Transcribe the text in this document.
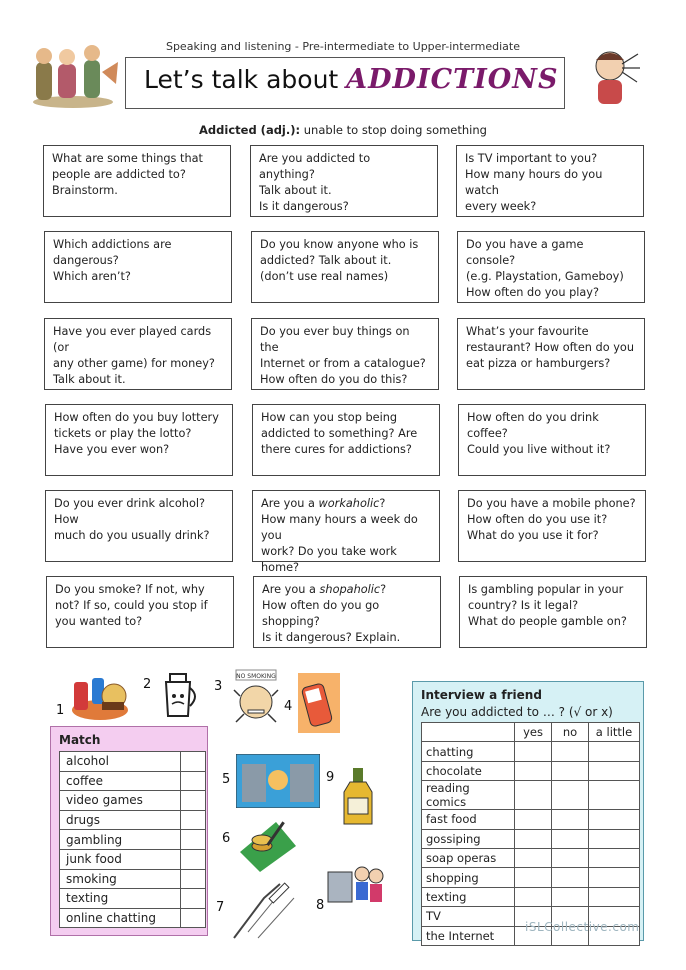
Speaking and listening - Pre-intermediate to Upper-intermediate
Let’s talk about ADDICTIONS
Addicted (adj.): unable to stop doing something
What are some things that
people are addicted to?
Brainstorm.
Are you addicted to anything?
Talk about it.
Is it dangerous?
Is TV important to you?
How many hours do you watch
every week?
Which addictions are
dangerous?
Which aren’t?
Do you know anyone who is
addicted? Talk about it.
(don’t use real names)
Do you have a game console?
(e.g. Playstation, Gameboy)
How often do you play?
Have you ever played cards (or
any other game) for money?
Talk about it.
Do you ever buy things on the
Internet or from a catalogue?
How often do you do this?
What’s your favourite
restaurant? How often do you
eat pizza or hamburgers?
How often do you buy lottery
tickets or play the lotto?
Have you ever won?
How can you stop being
addicted to something? Are
there cures for addictions?
How often do you drink
coffee?
Could you live without it?
Do you ever drink alcohol? How
much do you usually drink?
Are you a workaholic?
How many hours a week do you
work? Do you take work home?
Do you have a mobile phone?
How often do you use it?
What do you use it for?
Do you smoke? If not, why
not? If so, could you stop if
you wanted to?
Are you a shopaholic?
How often do you go shopping?
Is it dangerous? Explain.
Is gambling popular in your
country? Is it legal?
What do people gamble on?
1
2	3
NO SMOKING
4
5	9
6
7	8
Match
alcohol	
coffee	
video games	
drugs	
gambling	
junk food	
smoking	
texting	
online chatting	
Interview a friend
Are you addicted to … ? (√ or x)
	yes	no	a little
chatting			
chocolate			
reading comics			
fast food			
gossiping			
soap operas			
shopping			
texting			
TV			
the Internet			
iSLCollective.com
